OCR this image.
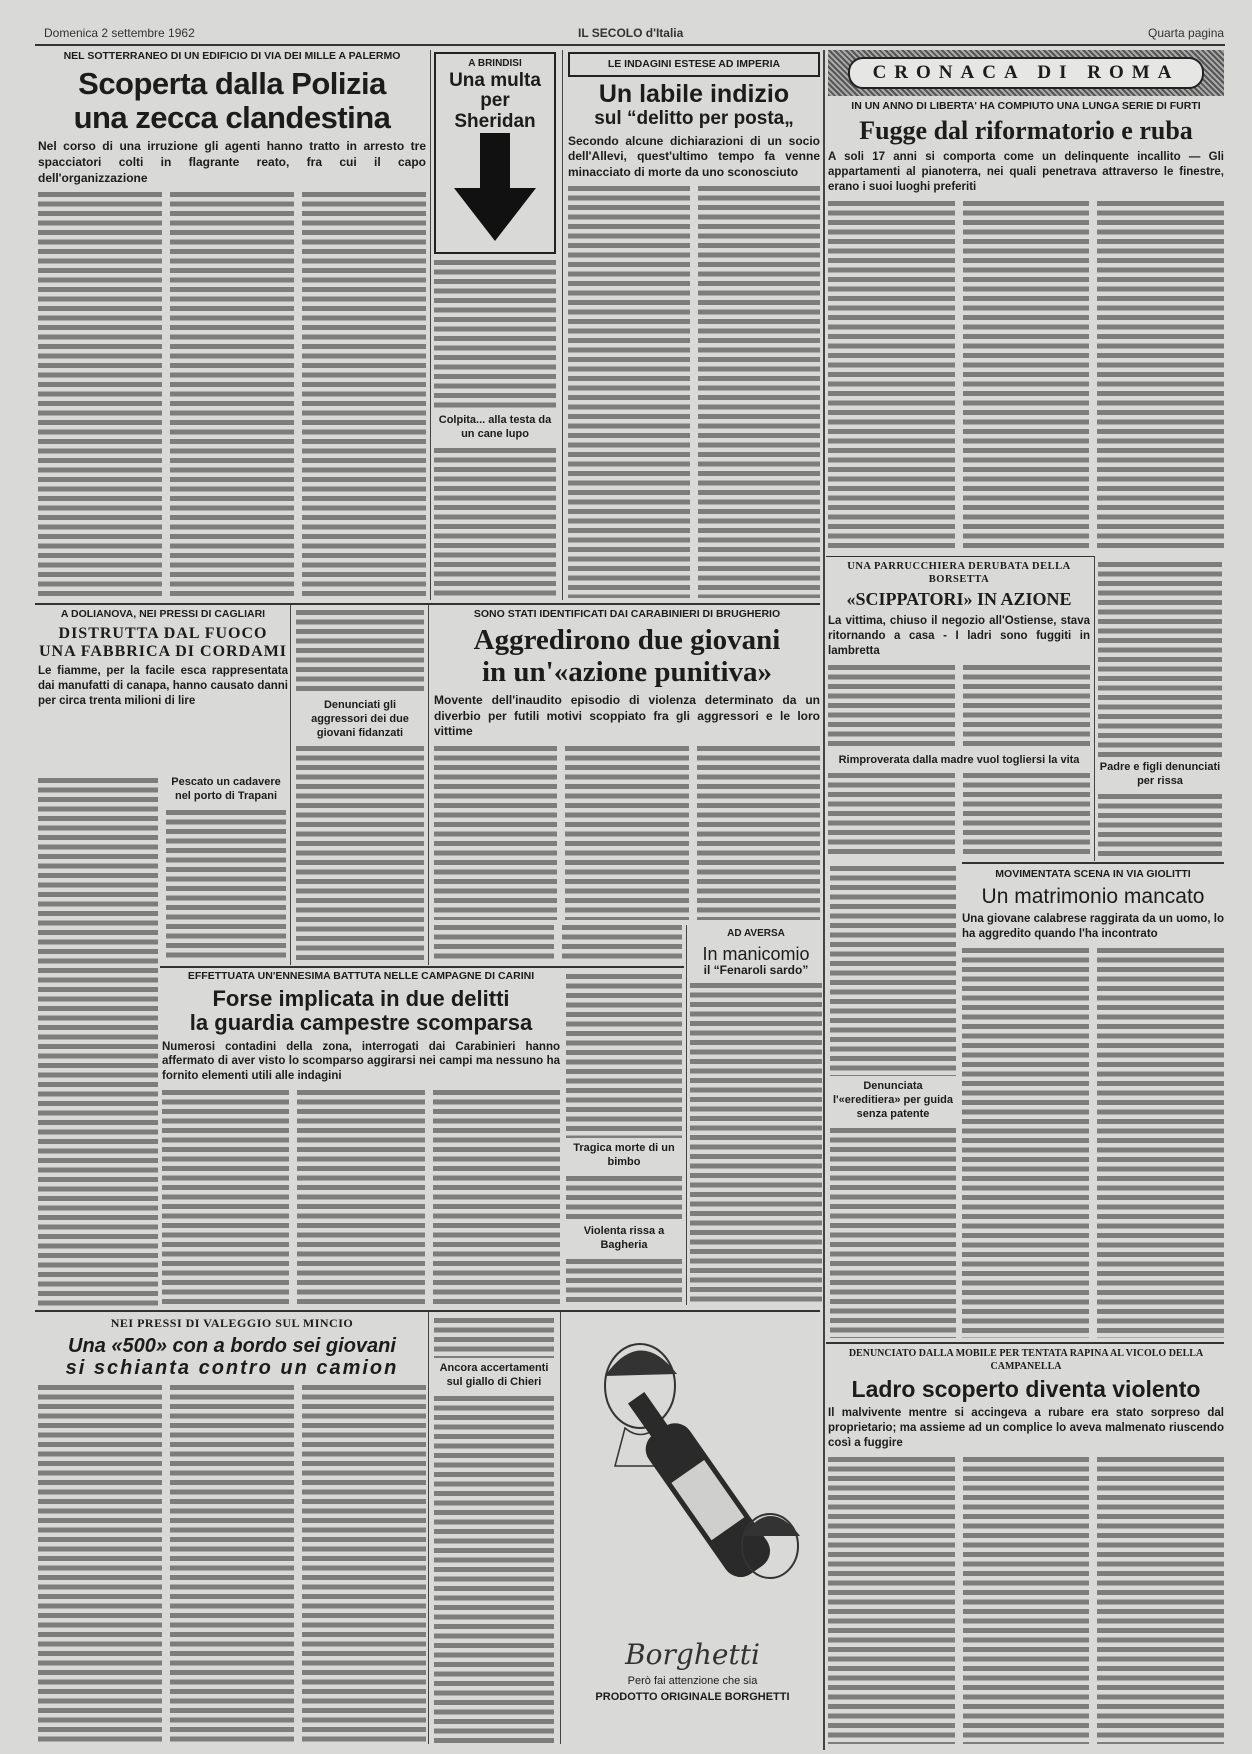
Domenica 2 settembre 1962	IL SECOLO d'Italia	Quarta pagina
NEL SOTTERRANEO DI UN EDIFICIO DI VIA DEI MILLE A PALERMO
Scoperta dalla Polizia
una zecca clandestina
Nel corso di una irruzione gli agenti hanno tratto in arresto tre spacciatori colti in flagrante reato, fra cui il capo dell'organizzazione
A BRINDISI
Una multa per Sheridan
Colpita... alla testa da un cane lupo
LE INDAGINI ESTESE AD IMPERIA
Un labile indizio
sul “delitto per posta„
Secondo alcune dichiarazioni di un socio dell'Allevi, quest'ultimo tempo fa venne minacciato di morte da uno sconosciuto
CRONACA DI ROMA
IN UN ANNO DI LIBERTA' HA COMPIUTO UNA LUNGA SERIE DI FURTI
Fugge dal riformatorio e ruba
A soli 17 anni si comporta come un delinquente incallito — Gli appartamenti al pianoterra, nei quali penetrava attraverso le finestre, erano i suoi luoghi preferiti
UNA PARRUCCHIERA DERUBATA DELLA BORSETTA
«SCIPPATORI» IN AZIONE
La vittima, chiuso il negozio all'Ostiense, stava ritornando a casa - I ladri sono fuggiti in lambretta
Rimproverata dalla madre vuol togliersi la vita
Padre e figli denunciati per rissa
Denunciata l'«ereditiera» per guida senza patente
MOVIMENTATA SCENA IN VIA GIOLITTI
Un matrimonio mancato
Una giovane calabrese raggirata da un uomo, lo ha aggredito quando l'ha incontrato
DENUNCIATO DALLA MOBILE PER TENTATA RAPINA AL VICOLO DELLA CAMPANELLA
Ladro scoperto diventa violento
Il malvivente mentre si accingeva a rubare era stato sorpreso dal proprietario; ma assieme ad un complice lo aveva malmenato riuscendo così a fuggire
A DOLIANOVA, NEI PRESSI DI CAGLIARI
DISTRUTTA DAL FUOCO
UNA FABBRICA DI CORDAMI
Le fiamme, per la facile esca rappresentata dai manufatti di canapa, hanno causato danni per circa trenta milioni di lire
Pescato un cadavere nel porto di Trapani
Denunciati gli aggressori dei due giovani fidanzati
SONO STATI IDENTIFICATI DAI CARABINIERI DI BRUGHERIO
Aggredirono due giovani
in un'«azione punitiva»
Movente dell'inaudito episodio di violenza determinato da un diverbio per futili motivi scoppiato fra gli aggressori e le loro vittime
AD AVERSA
In manicomio
il “Fenaroli sardo”
Tragica morte di un bimbo
Violenta rissa a Bagheria
EFFETTUATA UN'ENNESIMA BATTUTA NELLE CAMPAGNE DI CARINI
Forse implicata in due delitti
la guardia campestre scomparsa
Numerosi contadini della zona, interrogati dai Carabinieri hanno affermato di aver visto lo scomparso aggirarsi nei campi ma nessuno ha fornito elementi utili alle indagini
NEI PRESSI DI VALEGGIO SUL MINCIO
Una «500» con a bordo sei giovani
si schianta contro un camion	Ancora accertamenti sul giallo di Chieri
Borghetti
Però fai attenzione che sia
PRODOTTO ORIGINALE BORGHETTI
